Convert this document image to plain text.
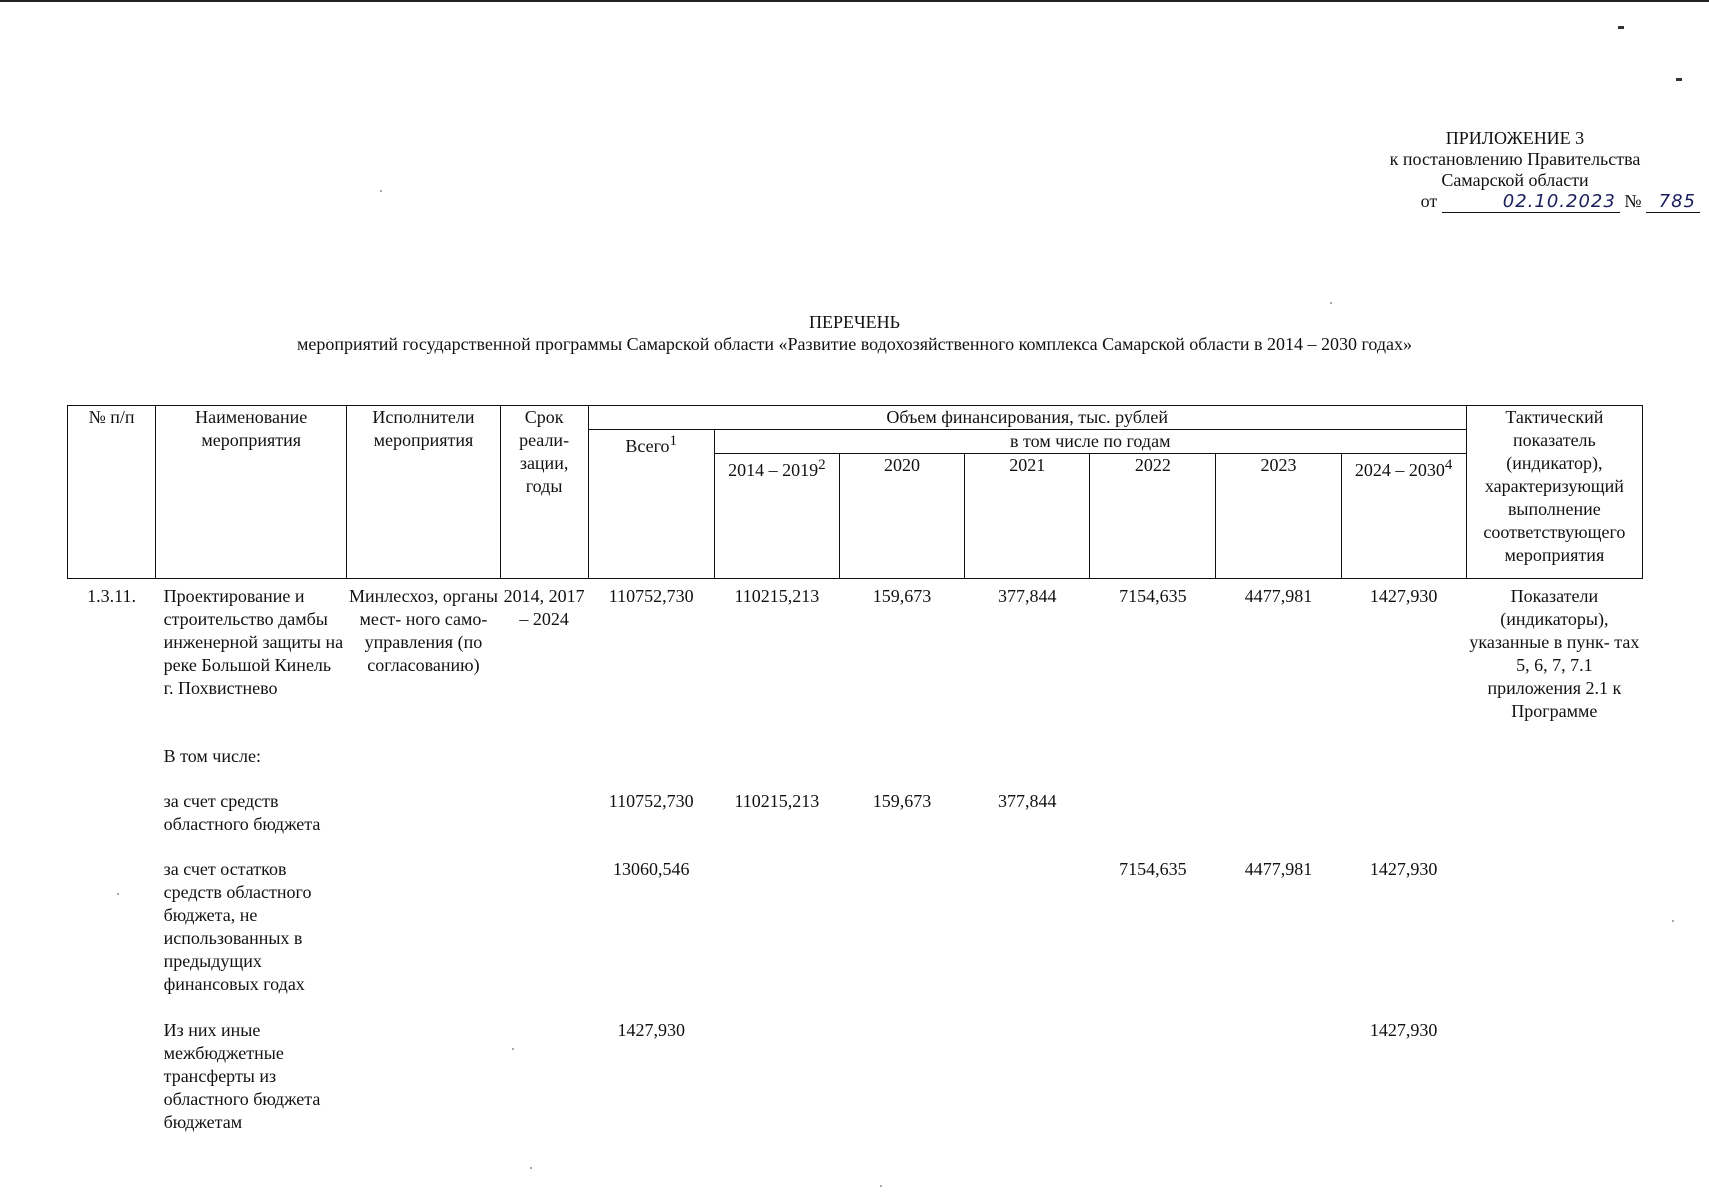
ПРИЛОЖЕНИЕ 3
к постановлению Правительства
Самарской области
от	02.10.2023 № 785
ПЕРЕЧЕНЬ
мероприятий государственной программы Самарской области «Развитие водохозяйственного комплекса Самарской области в 2014 – 2030 годах»
№ п/п	Наименование мероприятия	Исполнители мероприятия	Срок реали- зации, годы	Объем финансирования, тыс. рублей							Тактический показатель (индикатор), характеризующий выполнение соответствующего мероприятия
				Всего$^1$	в том числе по годам						
					2014 – 2019$^2$	2020	2021	2022	2023	2024 – 2030$^4$

1.3.11.	Проектирование и строительство дамбы инженерной защиты на реке Большой Кинель г. Похвистнево	Минлесхоз, органы мест- ного само- управления (по согласованию)	2014, 2017 – 2024	110752,730	110215,213	159,673	377,844	7154,635	4477,981	1427,930	Показатели (индикаторы), указанные в пунк- тах 5, 6, 7, 7.1 приложения 2.1 к Программе
	В том числе:										

	за счет средств областного бюджета			110752,730	110215,213	159,673	377,844				

	за счет остатков средств областного бюджета, не использованных в предыдущих финансовых годах			13060,546				7154,635	4477,981	1427,930	

	Из них иные межбюджетные трансферты из областного бюджета бюджетам			1427,930						1427,930	
